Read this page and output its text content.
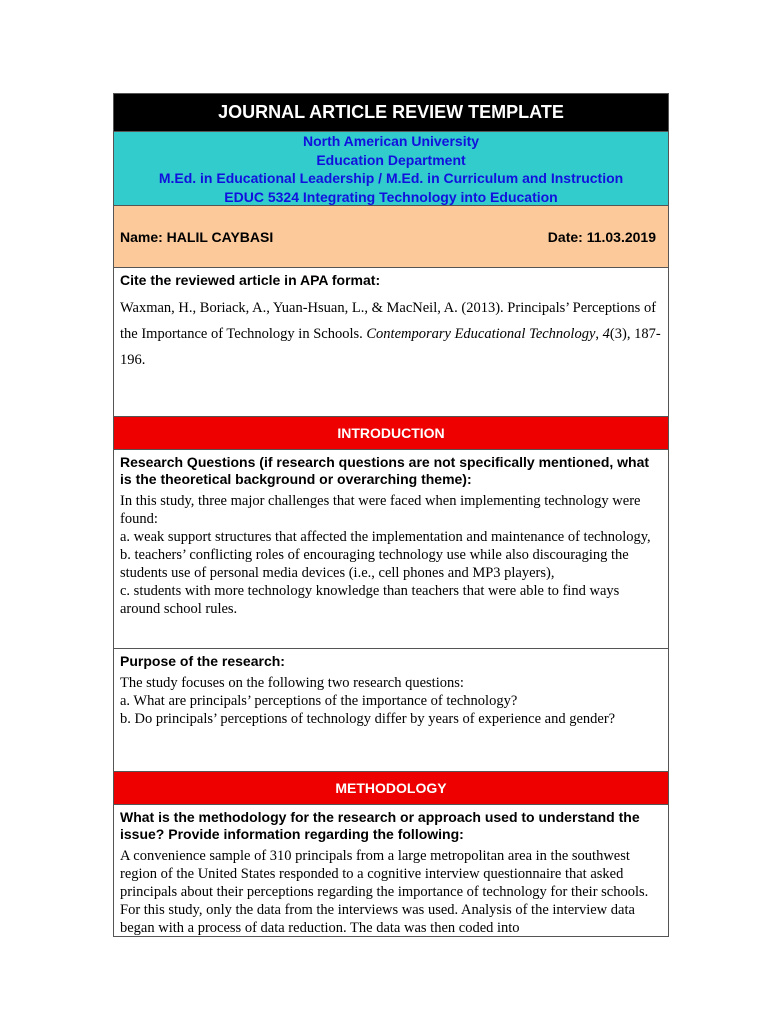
JOURNAL ARTICLE REVIEW TEMPLATE
North American University
Education Department
M.Ed. in Educational Leadership / M.Ed. in Curriculum and Instruction
EDUC 5324 Integrating Technology into Education
Name: HALIL CAYBASI	Date: 11.03.2019
Cite the reviewed article in APA format:
Waxman, H., Boriack, A., Yuan-Hsuan, L., & MacNeil, A. (2013). Principals’ Perceptions of the Importance of Technology in Schools. Contemporary Educational Technology, 4(3), 187-196.
INTRODUCTION
Research Questions (if research questions are not specifically mentioned, what is the theoretical background or overarching theme):
In this study, three major challenges that were faced when implementing technology were found:
a. weak support structures that affected the implementation and maintenance of technology,
b. teachers’ conflicting roles of encouraging technology use while also discouraging the students use of personal media devices (i.e., cell phones and MP3 players),
c. students with more technology knowledge than teachers that were able to find ways around school rules.
Purpose of the research:
The study focuses on the following two research questions:
a. What are principals’ perceptions of the importance of technology?
b. Do principals’ perceptions of technology differ by years of experience and gender?
METHODOLOGY
What is the methodology for the research or approach used to understand the issue? Provide information regarding the following:
A convenience sample of 310 principals from a large metropolitan area in the southwest region of the United States responded to a cognitive interview questionnaire that asked principals about their perceptions regarding the importance of technology for their schools. For this study, only the data from the interviews was used. Analysis of the interview data began with a process of data reduction. The data was then coded into
